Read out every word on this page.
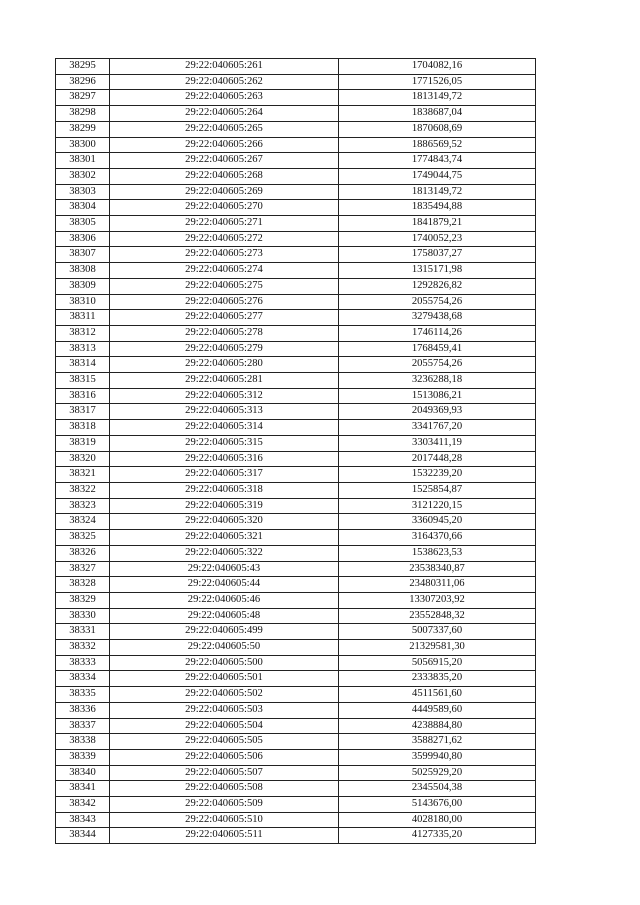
38295	29:22:040605:261	1704082,16
38296	29:22:040605:262	1771526,05
38297	29:22:040605:263	1813149,72
38298	29:22:040605:264	1838687,04
38299	29:22:040605:265	1870608,69
38300	29:22:040605:266	1886569,52
38301	29:22:040605:267	1774843,74
38302	29:22:040605:268	1749044,75
38303	29:22:040605:269	1813149,72
38304	29:22:040605:270	1835494,88
38305	29:22:040605:271	1841879,21
38306	29:22:040605:272	1740052,23
38307	29:22:040605:273	1758037,27
38308	29:22:040605:274	1315171,98
38309	29:22:040605:275	1292826,82
38310	29:22:040605:276	2055754,26
38311	29:22:040605:277	3279438,68
38312	29:22:040605:278	1746114,26
38313	29:22:040605:279	1768459,41
38314	29:22:040605:280	2055754,26
38315	29:22:040605:281	3236288,18
38316	29:22:040605:312	1513086,21
38317	29:22:040605:313	2049369,93
38318	29:22:040605:314	3341767,20
38319	29:22:040605:315	3303411,19
38320	29:22:040605:316	2017448,28
38321	29:22:040605:317	1532239,20
38322	29:22:040605:318	1525854,87
38323	29:22:040605:319	3121220,15
38324	29:22:040605:320	3360945,20
38325	29:22:040605:321	3164370,66
38326	29:22:040605:322	1538623,53
38327	29:22:040605:43	23538340,87
38328	29:22:040605:44	23480311,06
38329	29:22:040605:46	13307203,92
38330	29:22:040605:48	23552848,32
38331	29:22:040605:499	5007337,60
38332	29:22:040605:50	21329581,30
38333	29:22:040605:500	5056915,20
38334	29:22:040605:501	2333835,20
38335	29:22:040605:502	4511561,60
38336	29:22:040605:503	4449589,60
38337	29:22:040605:504	4238884,80
38338	29:22:040605:505	3588271,62
38339	29:22:040605:506	3599940,80
38340	29:22:040605:507	5025929,20
38341	29:22:040605:508	2345504,38
38342	29:22:040605:509	5143676,00
38343	29:22:040605:510	4028180,00
38344	29:22:040605:511	4127335,20
